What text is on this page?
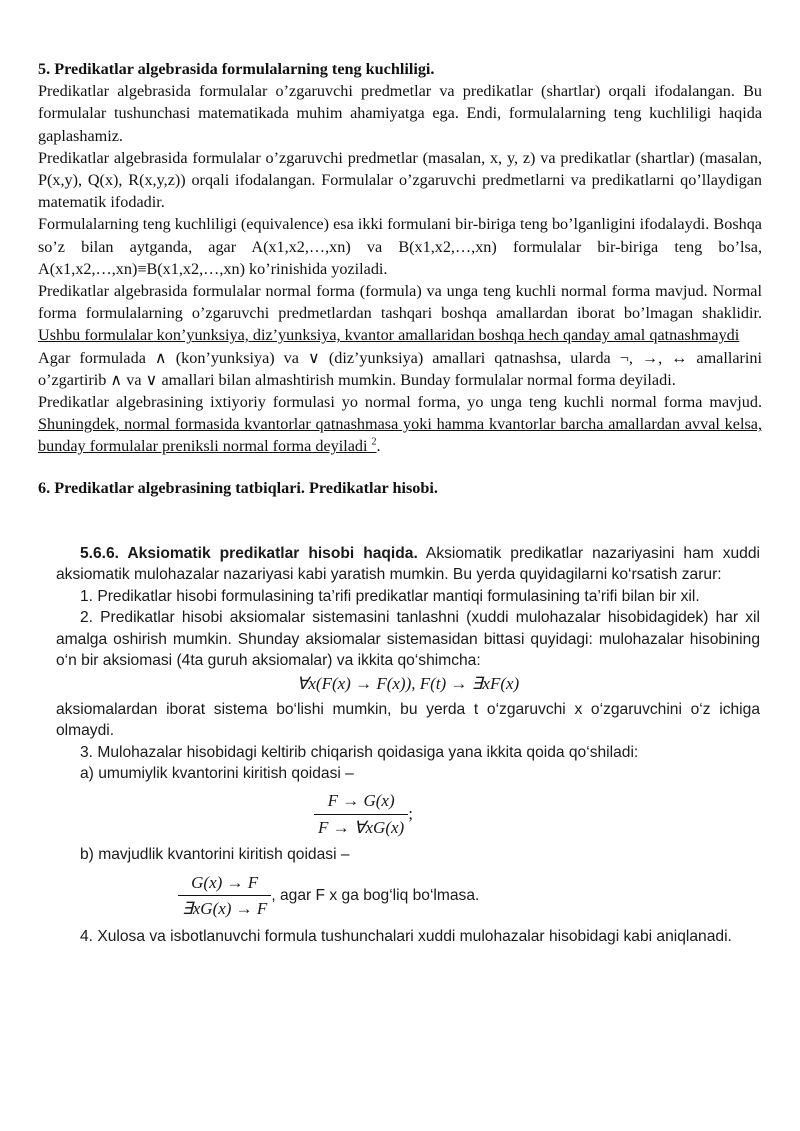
5. Predikatlar algebrasida formulalarning teng kuchliligi.

Predikatlar algebrasida formulalar o’zgaruvchi predmetlar va predikatlar (shartlar) orqali ifodalangan. Bu formulalar tushunchasi matematikada muhim ahamiyatga ega. Endi, formulalarning teng kuchliligi haqida gaplashamiz.

Predikatlar algebrasida formulalar o’zgaruvchi predmetlar (masalan, x, y, z) va predikatlar (shartlar) (masalan, P(x,y), Q(x), R(x,y,z)) orqali ifodalangan. Formulalar o’zgaruvchi predmetlarni va predikatlarni qo’llaydigan matematik ifodadir.

Formulalarning teng kuchliligi (equivalence) esa ikki formulani bir-biriga teng bo’lganligini ifodalaydi. Boshqa so’z bilan aytganda, agar A(x1,x2,…,xn) va B(x1,x2,…,xn) formulalar bir-biriga teng bo’lsa, A(x1,x2,…,xn)≡B(x1,x2,…,xn) ko’rinishida yoziladi.

Predikatlar algebrasida formulalar normal forma (formula) va unga teng kuchli normal forma mavjud. Normal forma formulalarning o’zgaruvchi predmetlardan tashqari boshqa amallardan iborat bo’lmagan shaklidir. Ushbu formulalar kon’yunksiya, diz’yunksiya, kvantor amallaridan boshqa hech qanday amal qatnashmaydi

Agar formulada ∧ (kon’yunksiya) va ∨ (diz’yunksiya) amallari qatnashsa, ularda ¬, →, ↔ amallarini o’zgartirib ∧ va ∨ amallari bilan almashtirish mumkin. Bunday formulalar normal forma deyiladi.

Predikatlar algebrasining ixtiyoriy formulasi yo normal forma, yo unga teng kuchli normal forma mavjud. Shuningdek, normal formasida kvantorlar qatnashmasa yoki hamma kvantorlar barcha amallardan avval kelsa, bunday formulalar preniksli normal forma deyiladi $^2$.

6. Predikatlar algebrasining tatbiqlari. Predikatlar hisobi.

5.6.6. Aksiomatik predikatlar hisobi haqida. Aksiomatik predikatlar nazariyasini ham xuddi aksiomatik mulohazalar nazariyasi kabi yaratish mumkin. Bu yerda quyidagilarni ko‘rsatish zarur:

1. Predikatlar hisobi formulasining ta’rifi predikatlar mantiqi formulasining ta’rifi bilan bir xil.

2. Predikatlar hisobi aksiomalar sistemasini tanlashni (xuddi mulohazalar hisobidagidek) har xil amalga oshirish mumkin. Shunday aksiomalar sistemasidan bittasi quyidagi: mulohazalar hisobining o‘n bir aksiomasi (4ta guruh aksiomalar) va ikkita qo‘shimcha:

∀x(F(x) → F(x)), F(t) → ∃xF(x)

aksiomalardan iborat sistema bo‘lishi mumkin, bu yerda t o‘zgaruvchi x o‘zgaruvchini o‘z ichiga olmaydi.

3. Mulohazalar hisobidagi keltirib chiqarish qoidasiga yana ikkita qoida qo‘shiladi:

a) umumiylik kvantorini kiritish qoidasi –

$\frac{F \to G(x)}{F \to \forall xG(x)}$ ;

b) mavjudlik kvantorini kiritish qoidasi –

$\frac{G(x) \to F}{\exists xG(x) \to F}$ , agar F x ga bog‘liq bo‘lmasa.

4. Xulosa va isbotlanuvchi formula tushunchalari xuddi mulohazalar hisobidagi kabi aniqlanadi.
